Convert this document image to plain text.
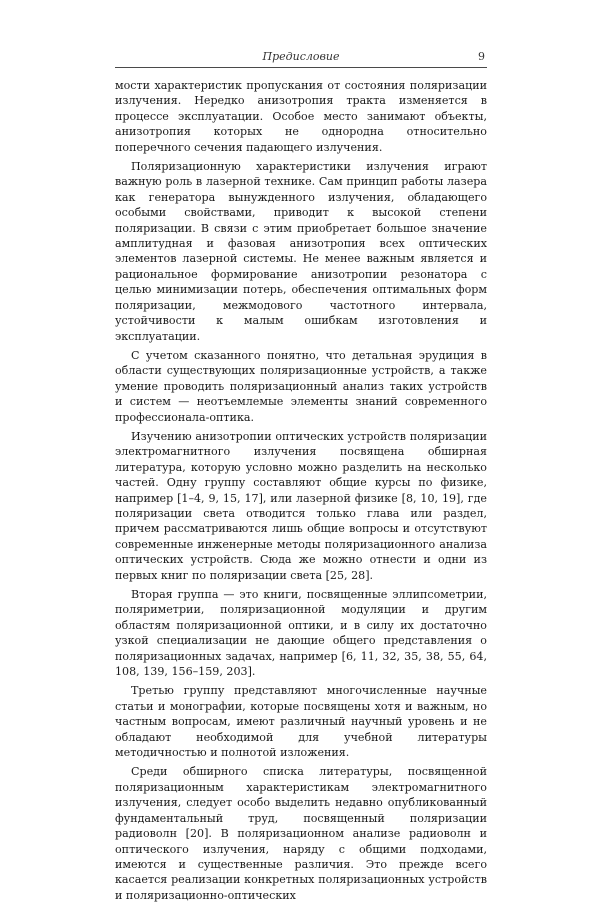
Предисловие	9

мости характеристик пропускания от состояния поляризации излучения. Нередко анизотропия тракта изменяется в процессе эксплуатации. Особое место занимают объекты, анизотропия которых не однородна относительно поперечного сечения падающего излучения.

Поляризационную характеристики излучения играют важную роль в лазерной технике. Сам принцип работы лазера как генератора вынужденного излучения, обладающего особыми свойствами, приводит к высокой степени поляризации. В связи с этим приобретает большое значение амплитудная и фазовая анизотропия всех оптических элементов лазерной системы. Не менее важным является и рациональное формирование анизотропии резонатора с целью минимизации потерь, обеспечения оптимальных форм поляризации, межмодового частотного интервала, устойчивости к малым ошибкам изготовления и эксплуатации.

С учетом сказанного понятно, что детальная эрудиция в области существующих поляризационные устройств, а также умение проводить поляризационный анализ таких устройств и систем — неотъемлемые элементы знаний современного профессионала-оптика.

Изучению анизотропии оптических устройств поляризации электромагнитного излучения посвящена обширная литература, которую условно можно разделить на несколько частей. Одну группу составляют общие курсы по физике, например [1–4, 9, 15, 17], или лазерной физике [8, 10, 19], где поляризации света отводится только глава или раздел, причем рассматриваются лишь общие вопросы и отсутствуют современные инженерные методы поляризационного анализа оптических устройств. Сюда же можно отнести и одни из первых книг по поляризации света [25, 28].

Вторая группа — это книги, посвященные эллипсометрии, поляриметрии, поляризационной модуляции и другим областям поляризационной оптики, и в силу их достаточно узкой специализации не дающие общего представления о поляризационных задачах, например [6, 11, 32, 35, 38, 55, 64, 108, 139, 156–159, 203].

Третью группу представляют многочисленные научные статьи и монографии, которые посвящены хотя и важным, но частным вопросам, имеют различный научный уровень и не обладают необходимой для учебной литературы методичностью и полнотой изложения.

Среди обширного списка литературы, посвященной поляризационным характеристикам электромагнитного излучения, следует особо выделить недавно опубликованный фундаментальный труд, посвященный поляризации радиоволн [20]. В поляризационном анализе радиоволн и оптического излучения, наряду с общими подходами, имеются и существенные различия. Это прежде всего касается реализации конкретных поляризационных устройств и поляризационно-оптических
